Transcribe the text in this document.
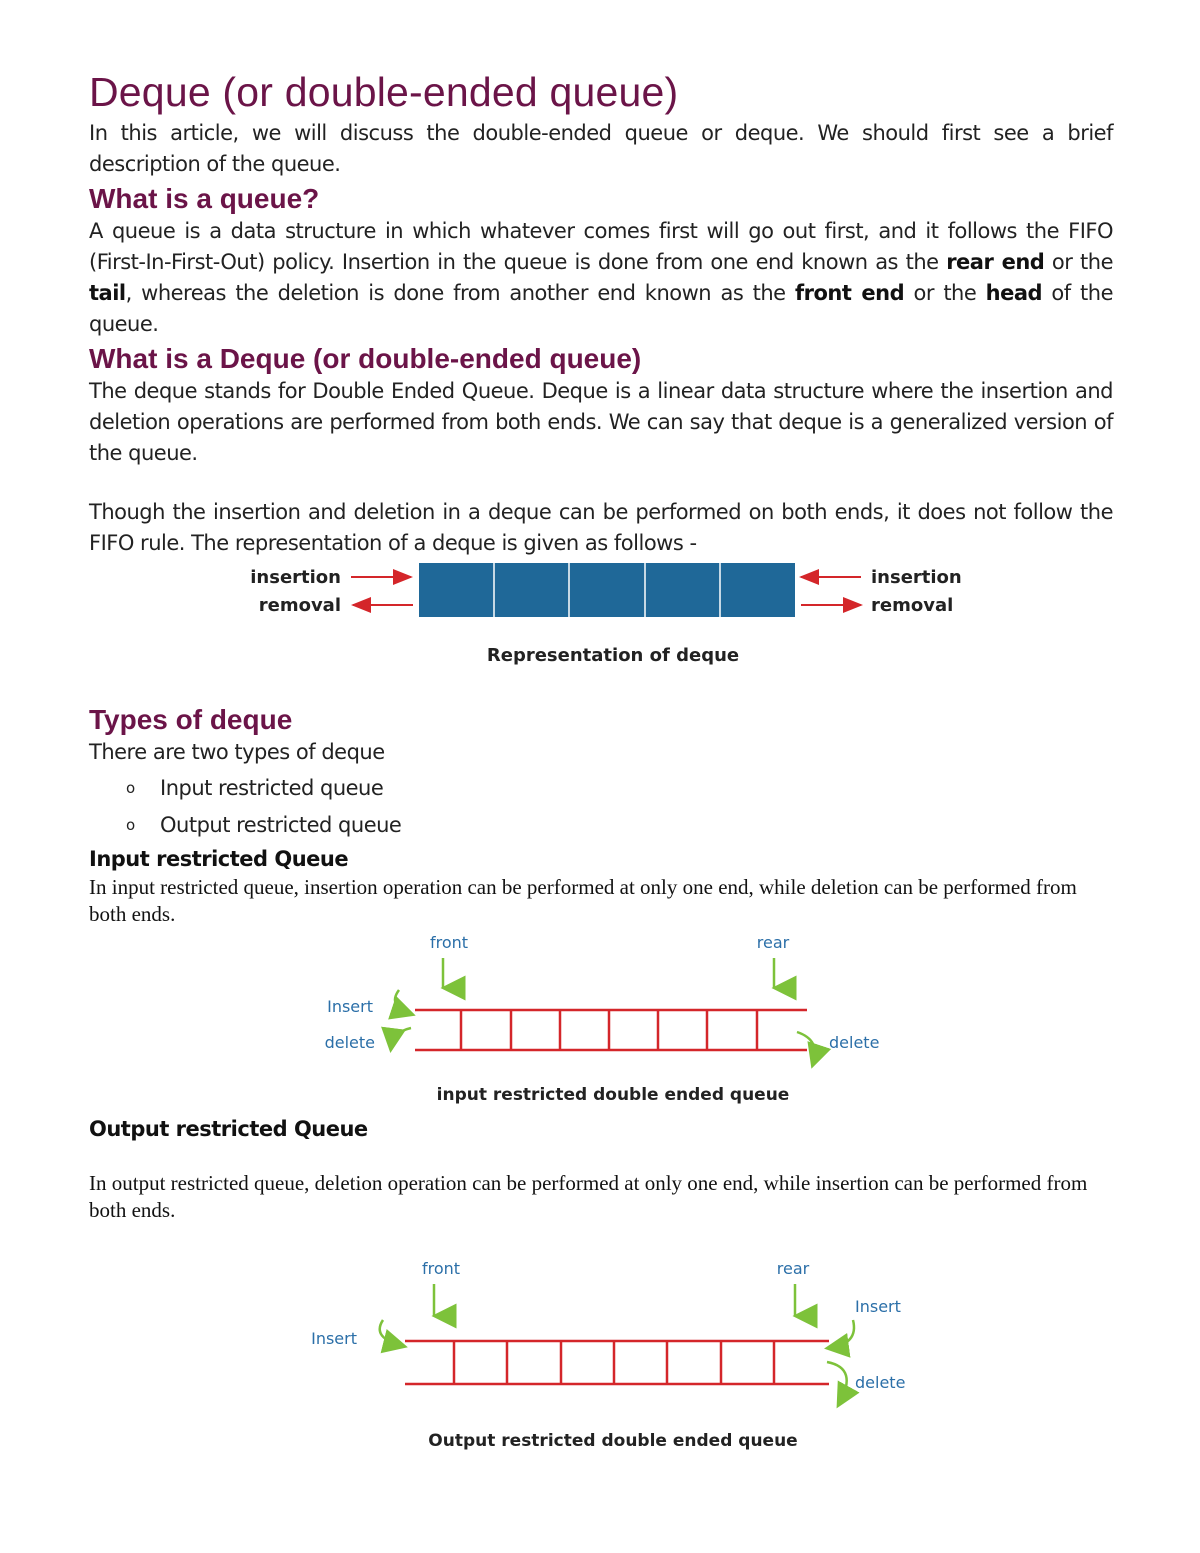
Deque (or double-ended queue)

In this article, we will discuss the double-ended queue or deque. We should first see a brief description of the queue.

What is a queue?

A queue is a data structure in which whatever comes first will go out first, and it follows the FIFO (First-In-First-Out) policy. Insertion in the queue is done from one end known as the rear end or the tail, whereas the deletion is done from another end known as the front end or the head of the queue.

What is a Deque (or double-ended queue)

The deque stands for Double Ended Queue. Deque is a linear data structure where the insertion and deletion operations are performed from both ends. We can say that deque is a generalized version of the queue.

Though the insertion and deletion in a deque can be performed on both ends, it does not follow the FIFO rule. The representation of a deque is given as follows -

insertion
removal
insertion
removal
Representation of deque
Types of deque

There are two types of deque

o Input restricted queue
o Output restricted queue
Input restricted Queue

In input restricted queue, insertion operation can be performed at only one end, while deletion can be performed from both ends.

front	rear
Insert
delete	delete
input restricted double ended queue
Output restricted Queue

In output restricted queue, deletion operation can be performed at only one end, while insertion can be performed from both ends.

front	rear
Insert
Insert
delete
Output restricted double ended queue
